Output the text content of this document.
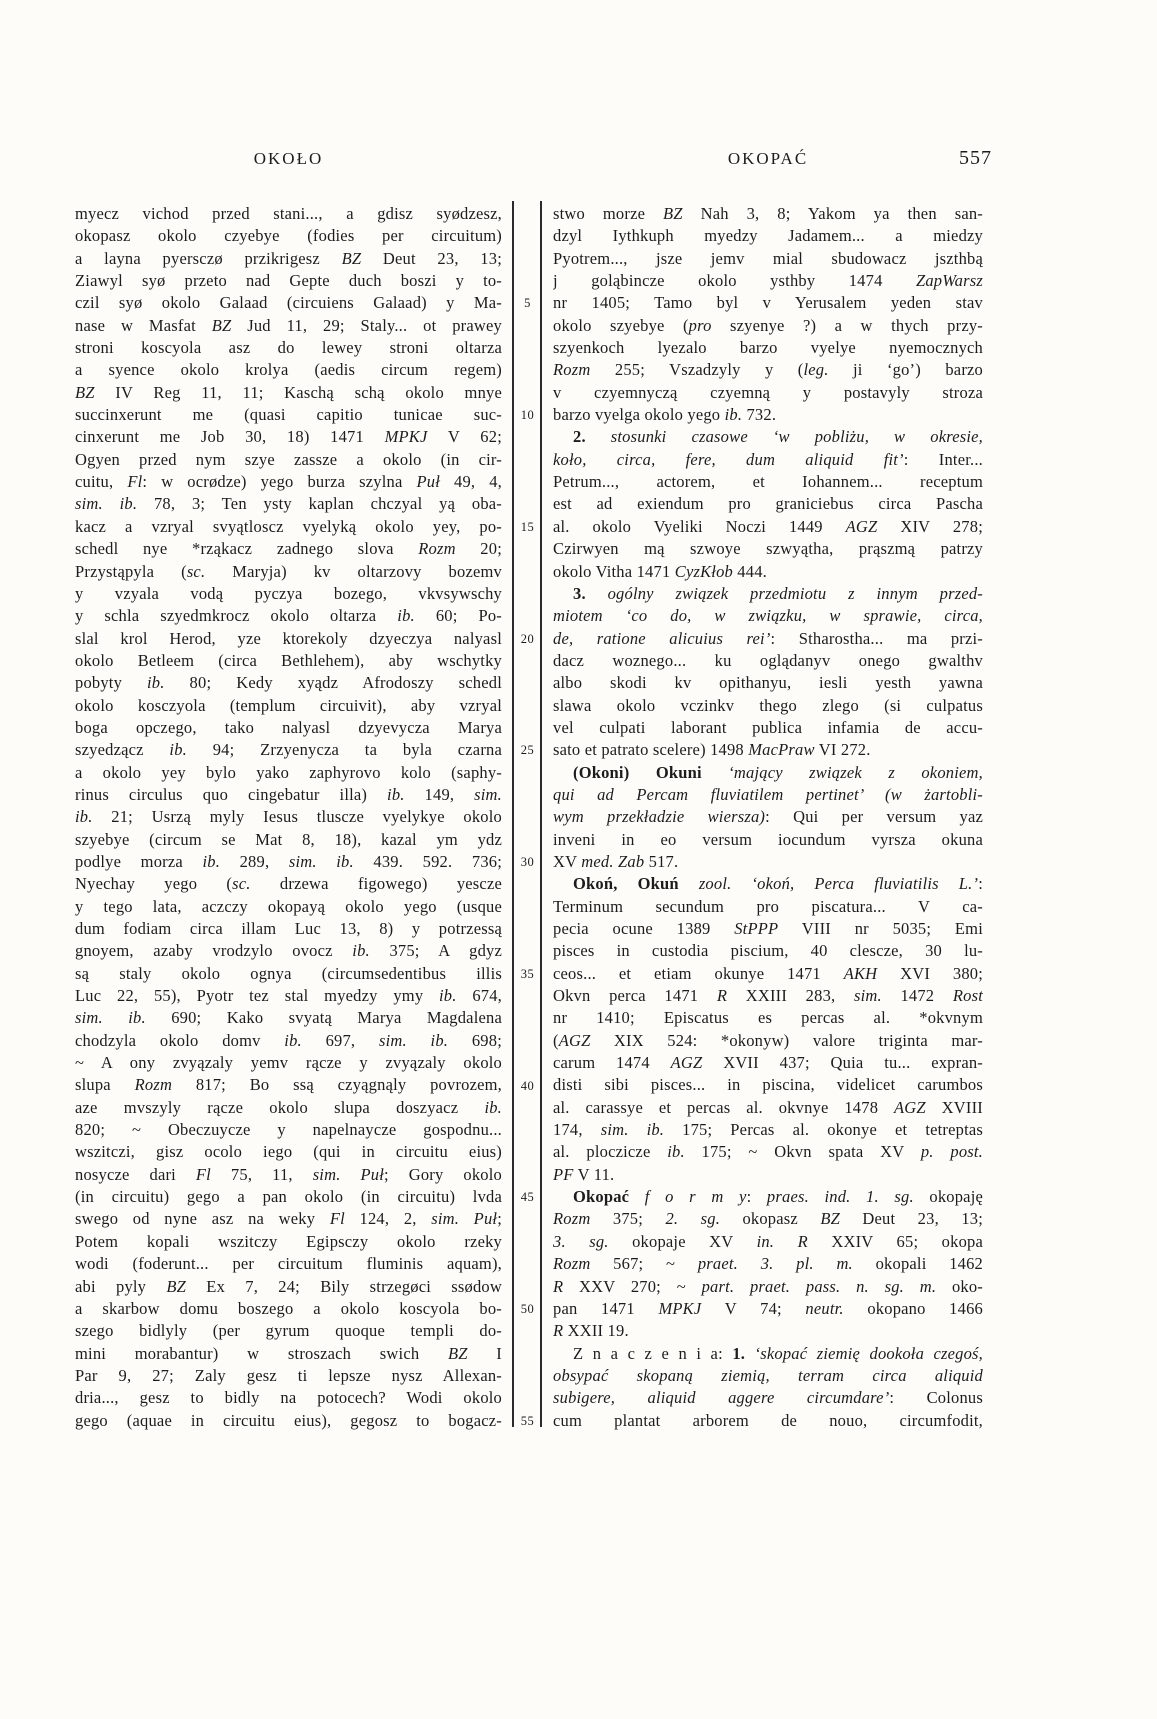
OKOŁO	OKOPAĆ	557
myecz vichod przed stani..., a gdisz syødzesz,
okopasz okolo czyebye (fodies per circuitum)
a layna pyersczø przikrigesz BZ Deut 23, 13;
Ziawyl syø przeto nad Gepte duch boszi y to-
czil syø okolo Galaad (circuiens Galaad) y Ma-
nase w Masfat BZ Jud 11, 29; Staly... ot prawey
stroni koscyola asz do lewey stroni oltarza
a syence okolo krolya (aedis circum regem)
BZ IV Reg 11, 11; Kaschą schą okolo mnye
succinxerunt me (quasi capitio tunicae suc-
cinxerunt me Job 30, 18) 1471 MPKJ V 62;
Ogyen przed nym szye zassze a okolo (in cir-
cuitu, Fl: w ocrødze) yego burza szylna Puł 49, 4,
sim. ib. 78, 3; Ten ysty kaplan chczyal yą oba-
kacz a vzryal svyątloscz vyelyką okolo yey, po-
schedl nye *rząkacz zadnego slova Rozm 20;
Przystąpyla (sc. Maryja) kv oltarzovy bozemv
y vzyala vodą pyczya bozego, vkvsywschy
y schla szyedmkrocz okolo oltarza ib. 60; Po-
slal krol Herod, yze ktorekoly dzyeczya nalyasl
okolo Betleem (circa Bethlehem), aby wschytky
pobyty ib. 80; Kedy xyądz Afrodoszy schedl
okolo kosczyola (templum circuivit), aby vzryal
boga opczego, tako nalyasl dzyevycza Marya
szyedzącz ib. 94; Zrzyenycza ta byla czarna
a okolo yey bylo yako zaphyrovo kolo (saphy-
rinus circulus quo cingebatur illa) ib. 149, sim.
ib. 21; Usrzą myly Iesus tluscze vyelykye okolo
szyebye (circum se Mat 8, 18), kazal ym ydz
podlye morza ib. 289, sim. ib. 439. 592. 736;
Nyechay yego (sc. drzewa figowego) yescze
y tego lata, aczczy okopayą okolo yego (usque
dum fodiam circa illam Luc 13, 8) y potrzessą
gnoyem, azaby vrodzylo ovocz ib. 375; A gdyz
są staly okolo ognya (circumsedentibus illis
Luc 22, 55), Pyotr tez stal myedzy ymy ib. 674,
sim. ib. 690; Kako svyatą Marya Magdalena
chodzyla okolo domv ib. 697, sim. ib. 698;
~ A ony zvyązaly yemv rącze y zvyązaly okolo
slupa Rozm 817; Bo ssą czyągnąly povrozem,
aze mvszyly rącze okolo slupa doszyacz ib.
820; ~ Obeczuycze y napelnaycze gospodnu...
wszitczi, gisz ocolo iego (qui in circuitu eius)
nosycze dari Fl 75, 11, sim. Puł; Gory okolo
(in circuitu) gego a pan okolo (in circuitu) lvda
swego od nyne asz na weky Fl 124, 2, sim. Puł;
Potem kopali wszitczy Egipsczy okolo rzeky
wodi (foderunt... per circuitum fluminis aquam),
abi pyly BZ Ex 7, 24; Bily strzegøci ssødow
a skarbow domu boszego a okolo koscyola bo-
szego bidlyly (per gyrum quoque templi do-
mini morabantur) w stroszach swich BZ I
Par 9, 27; Zaly gesz ti lepsze nysz Allexan-
dria..., gesz to bidly na potocech? Wodi okolo
gego (aquae in circuitu eius), gegosz to bogacz-
5
10
15
20
25
30
35
40
45
50
55
stwo morze BZ Nah 3, 8; Yakom ya then san-
dzyl Iythkuph myedzy Jadamem... a miedzy
Pyotrem..., jsze jemv mial sbudowacz jszthbą
j goląbincze okolo ysthby 1474 ZapWarsz
nr 1405; Tamo byl v Yerusalem yeden stav
okolo szyebye (pro szyenye ?) a w thych przy-
szyenkoch lyezalo barzo vyelye nyemocznych
Rozm 255; Vszadzyly y (leg. ji ‘go’) barzo
v czyemnyczą czyemną y postavyly stroza
barzo vyelga okolo yego ib. 732.
2. stosunki czasowe ‘w pobliżu, w okresie,
koło, circa, fere, dum aliquid fit’: Inter...
Petrum..., actorem, et Iohannem... receptum
est ad exiendum pro graniciebus circa Pascha
al. okolo Vyeliki Noczi 1449 AGZ XIV 278;
Czirwyen mą szwoye szwyątha, prąszmą patrzy
okolo Vitha 1471 CyzKłob 444.
3. ogólny związek przedmiotu z innym przed-
miotem ‘co do, w związku, w sprawie, circa,
de, ratione alicuius rei’: Stharostha... ma przi-
dacz woznego... ku oglądanyv onego gwalthv
albo skodi kv opithanyu, iesli yesth yawna
slawa okolo vczinkv thego zlego (si culpatus
vel culpati laborant publica infamia de accu-
sato et patrato scelere) 1498 MacPraw VI 272.
(Okoni) Okuni ‘mający związek z okoniem,
qui ad Percam fluviatilem pertinet’ (w żartobli-
wym przekładzie wiersza): Qui per versum yaz
inveni in eo versum iocundum vyrsza okuna
XV med. Zab 517.
Okoń, Okuń zool. ‘okoń, Perca fluviatilis L.’:
Terminum secundum pro piscatura... V ca-
pecia ocune 1389 StPPP VIII nr 5035; Emi
pisces in custodia piscium, 40 clescze, 30 lu-
ceos... et etiam okunye 1471 AKH XVI 380;
Okvn perca 1471 R XXIII 283, sim. 1472 Rost
nr 1410; Episcatus es percas al. *okvnym
(AGZ XIX 524: *okonyw) valore triginta mar-
carum 1474 AGZ XVII 437; Quia tu... expran-
disti sibi pisces... in piscina, videlicet carumbos
al. carassye et percas al. okvnye 1478 AGZ XVIII
174, sim. ib. 175; Percas al. okonye et tetreptas
al. ploczicze ib. 175; ~ Okvn spata XV p. post.
PF V 11.
Okopać f o r m y: praes. ind. 1. sg. okopaję
Rozm 375; 2. sg. okopasz BZ Deut 23, 13;
3. sg. okopaje XV in. R XXIV 65; okopa
Rozm 567; ~ praet. 3. pl. m. okopali 1462
R XXV 270; ~ part. praet. pass. n. sg. m. oko-
pan 1471 MPKJ V 74; neutr. okopano 1466
R XXII 19.
Z n a c z e n i a: 1. ‘skopać ziemię dookoła czegoś,
obsypać skopaną ziemią, terram circa aliquid
subigere, aliquid aggere circumdare’: Colonus
cum plantat arborem de nouo, circumfodit,
